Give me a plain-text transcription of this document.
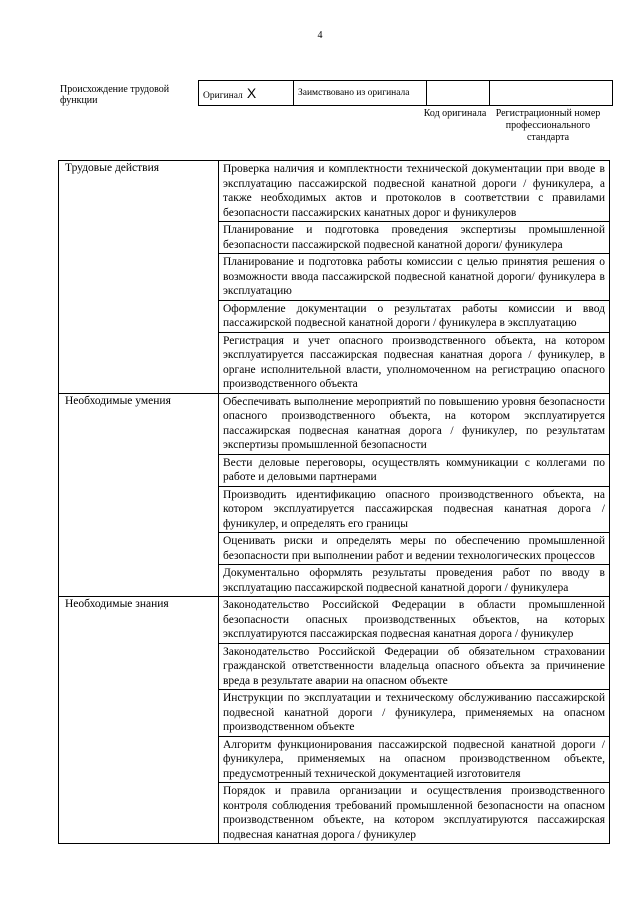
4
Происхождение трудовой функции	Оригинал X	Заимствовано из оригинала		
Код оригинала Регистрационный номер профессионального стандарта
Трудовые действия	Проверка наличия и комплектности технической документации при вводе в эксплуатацию пассажирской подвесной канатной дороги / фуникулера, а также необходимых актов и протоколов в соответствии с правилами безопасности пассажирских канатных дорог и фуникулеров
	Планирование и подготовка проведения экспертизы промышленной безопасности пассажирской подвесной канатной дороги/ фуникулера
	Планирование и подготовка работы комиссии с целью принятия решения о возможности ввода пассажирской подвесной канатной дороги/ фуникулера в эксплуатацию
	Оформление документации о результатах работы комиссии и ввод пассажирской подвесной канатной дороги / фуникулера в эксплуатацию
	Регистрация и учет опасного производственного объекта, на котором эксплуатируется пассажирская подвесная канатная дорога / фуникулер, в органе исполнительной власти, уполномоченном на регистрацию опасного производственного объекта
Необходимые умения	Обеспечивать выполнение мероприятий по повышению уровня безопасности опасного производственного объекта, на котором эксплуатируется пассажирская подвесная канатная дорога / фуникулер, по результатам экспертизы промышленной безопасности
	Вести деловые переговоры, осуществлять коммуникации с коллегами по работе и деловыми партнерами
	Производить идентификацию опасного производственного объекта, на котором эксплуатируется пассажирская подвесная канатная дорога / фуникулер, и определять его границы
	Оценивать риски и определять меры по обеспечению промышленной безопасности при выполнении работ и ведении технологических процессов
	Документально оформлять результаты проведения работ по вводу в эксплуатацию пассажирской подвесной канатной дороги / фуникулера
Необходимые знания	Законодательство Российской Федерации в области промышленной безопасности опасных производственных объектов, на которых эксплуатируются пассажирская подвесная канатная дорога / фуникулер
	Законодательство Российской Федерации об обязательном страховании гражданской ответственности владельца опасного объекта за причинение вреда в результате аварии на опасном объекте
	Инструкции по эксплуатации и техническому обслуживанию пассажирской подвесной канатной дороги / фуникулера, применяемых на опасном производственном объекте
	Алгоритм функционирования пассажирской подвесной канатной дороги / фуникулера, применяемых на опасном производственном объекте, предусмотренный технической документацией изготовителя
	Порядок и правила организации и осуществления производственного контроля соблюдения требований промышленной безопасности на опасном производственном объекте, на котором эксплуатируются пассажирская подвесная канатная дорога / фуникулер
